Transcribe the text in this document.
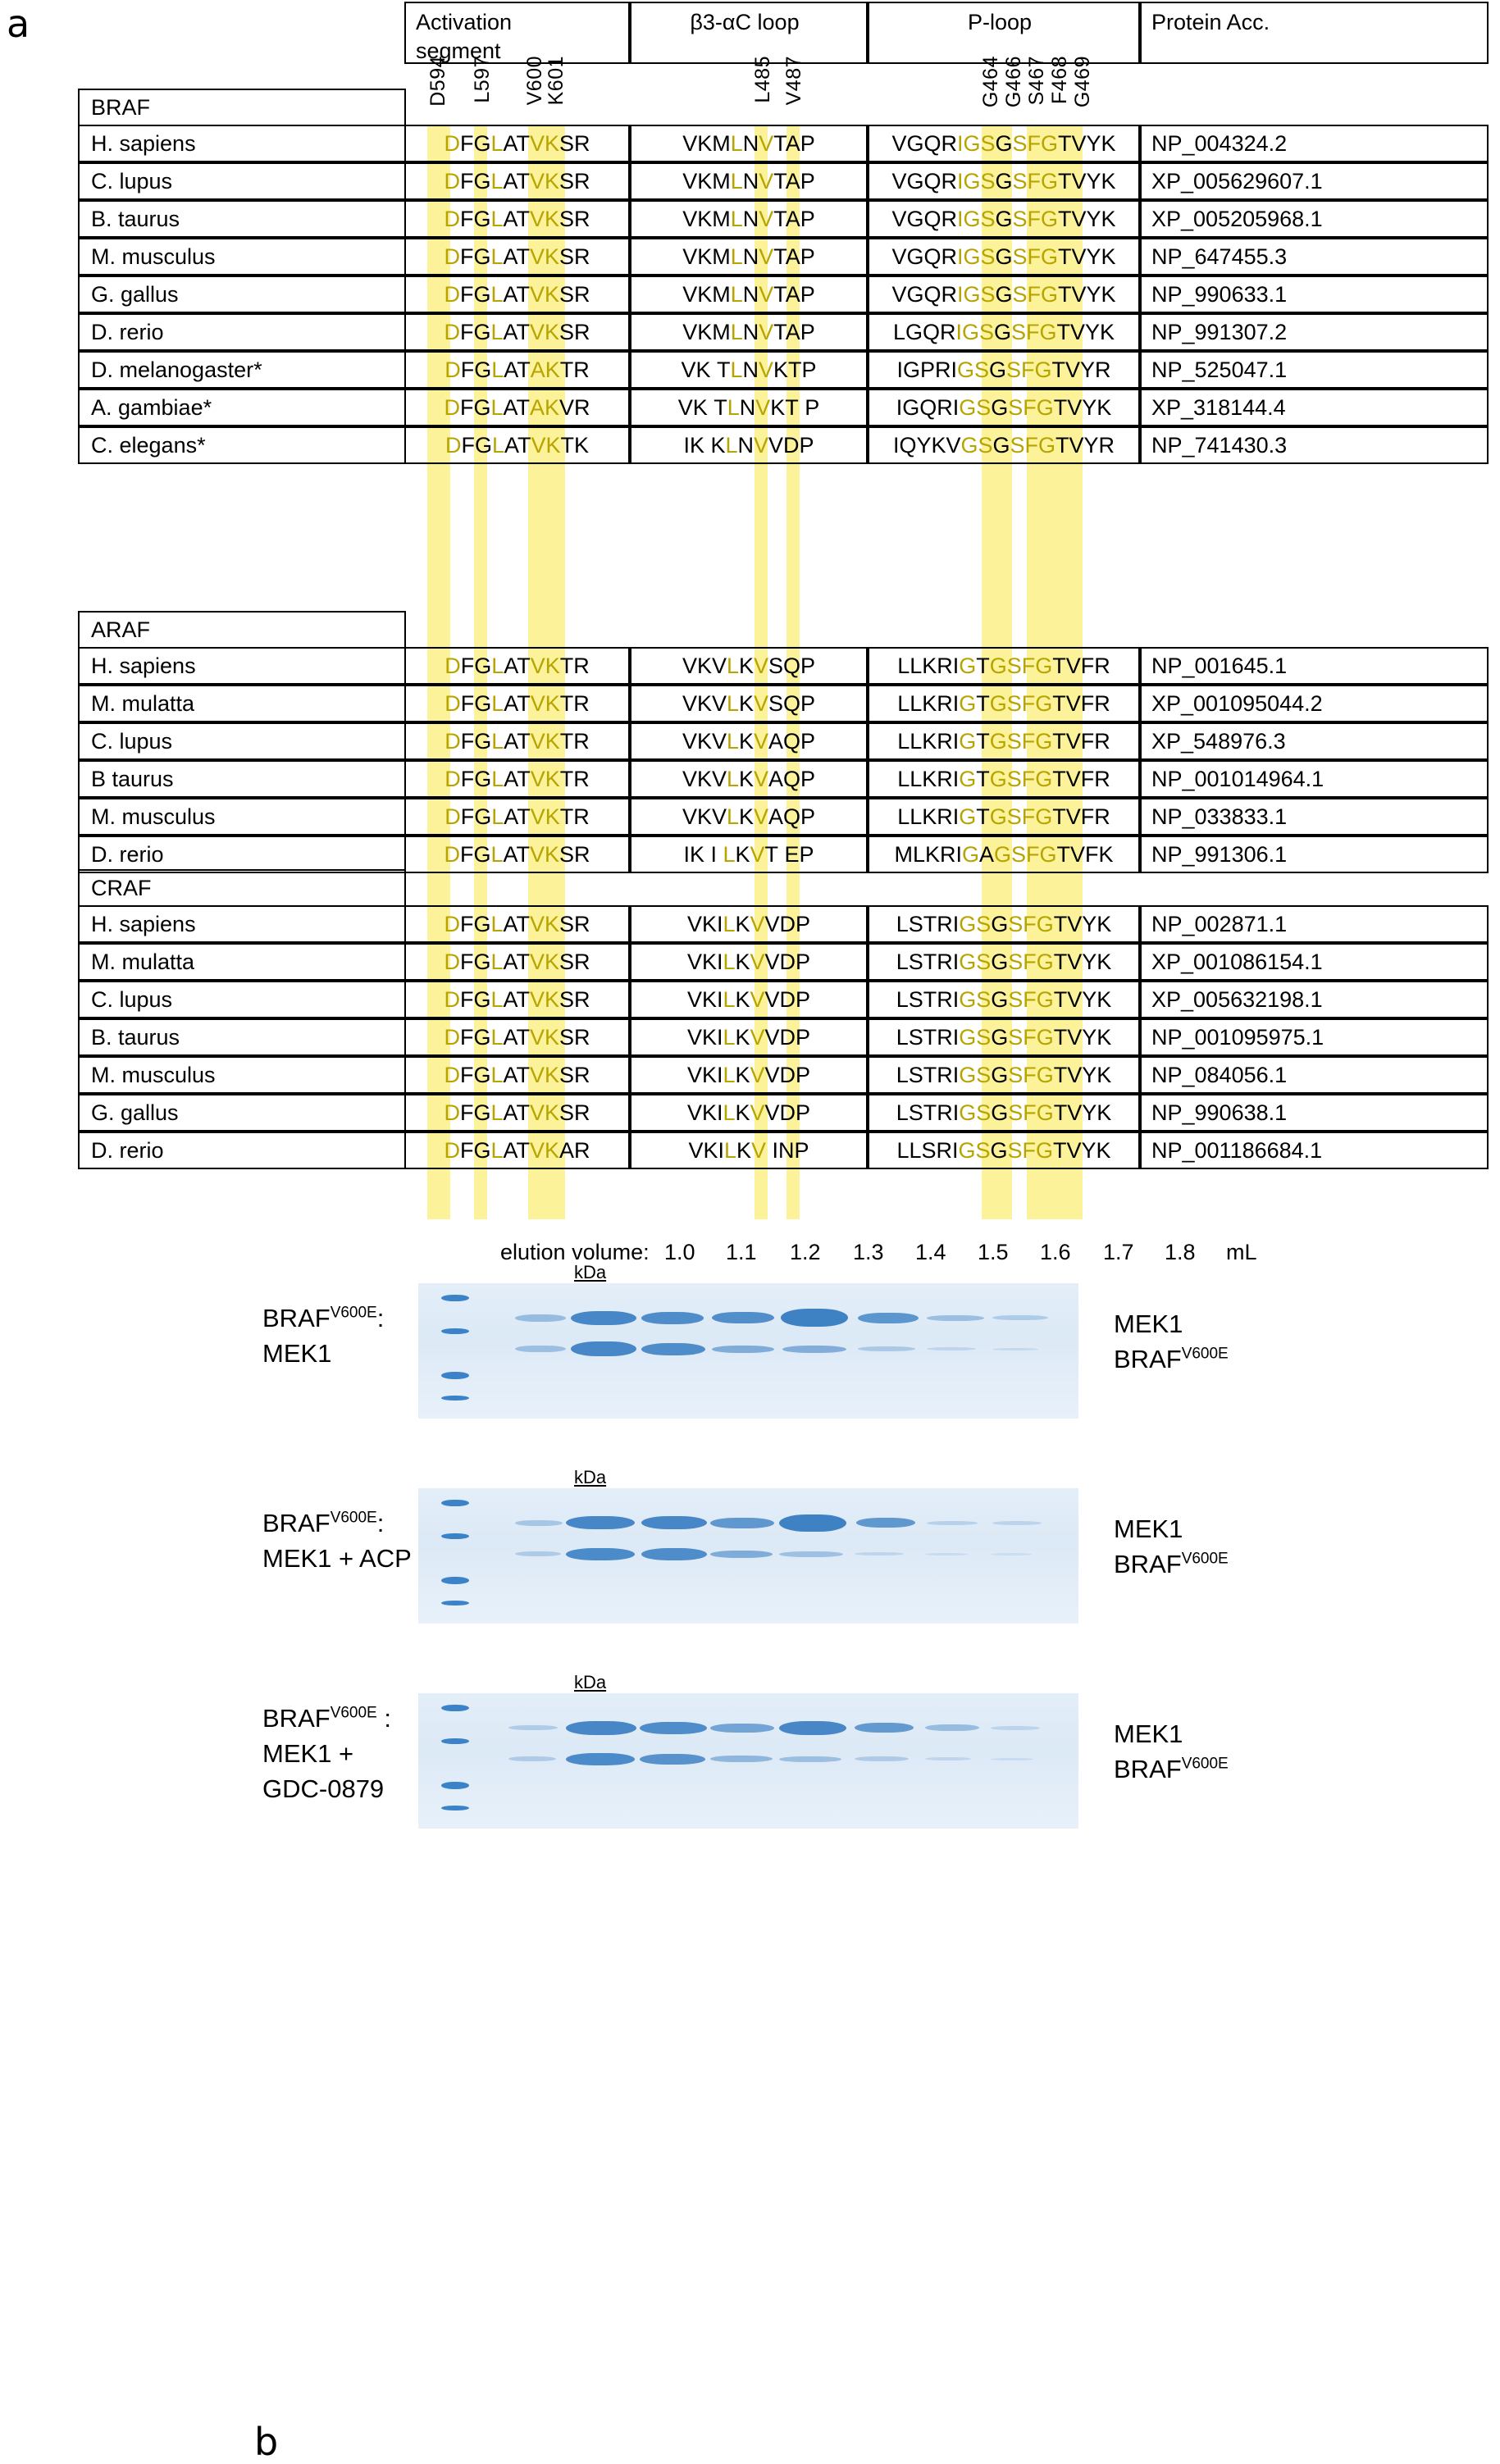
a	Activation
segment
β3-αC loop	P-loop	Protein Acc.
D594 L597 V600
K601	L485 V487	G464 G466 S467 F468 G469
BRAF
H. sapiens	D FG L AT VK SR	VKM L N V TAP	VGQR IGS G SFG TVYK	NP_004324.2
C. lupus	D FG L AT VK SR	VKM L N V TAP	VGQR IGS G SFG TVYK	XP_005629607.1
B. taurus	D FG L AT VK SR	VKM L N V TAP	VGQR IGS G SFG TVYK	XP_005205968.1
M. musculus	D FG L AT VK SR	VKM L N V TAP	VGQR IGS G SFG TVYK	NP_647455.3
G. gallus	D FG L AT VK SR	VKM L N V TAP	VGQR IGS G SFG TVYK	NP_990633.1
D. rerio	D FG L AT VK SR	VKM L N V TAP	LGQR IGS G SFG TVYK	NP_991307.2
D. melanogaster*	D FG L AT AK TR	VK T L N V KTP	IGPRI GS G SFG TVYR	NP_525047.1
A. gambiae*	D FG L AT AK VR	VK T L N V KT P	IGQRI GS G SFG TVYK	XP_318144.4
C. elegans*	D FG L AT VK TK	IK K L N V VDP	IQYKV GS G SFG TVYR	NP_741430.3
ARAF
H. sapiens	D FG L AT VK TR	VKV L K V SQP	LLKRI G T GSFG TVFR	NP_001645.1
M. mulatta	D FG L AT VK TR	VKV L K V SQP	LLKRI G T GSFG TVFR	XP_001095044.2
C. lupus	D FG L AT VK TR	VKV L K V AQP	LLKRI G T GSFG TVFR	XP_548976.3
B taurus	D FG L AT VK TR	VKV L K V AQP	LLKRI G T GSFG TVFR	NP_001014964.1
M. musculus	D FG L AT VK TR	VKV L K V AQP	LLKRI G T GSFG TVFR	NP_033833.1
D. rerio	D FG L AT VK SR	IK I L K V T EP	MLKRI G A GSFG TVFK	NP_991306.1
CRAF
H. sapiens	D FG L AT VK SR	VKI L K V VDP	LSTRI GS G SFG TVYK	NP_002871.1
M. mulatta	D FG L AT VK SR	VKI L K V VDP	LSTRI GS G SFG TVYK	XP_001086154.1
C. lupus	D FG L AT VK SR	VKI L K V VDP	LSTRI GS G SFG TVYK	XP_005632198.1
B. taurus	D FG L AT VK SR	VKI L K V VDP	LSTRI GS G SFG TVYK	NP_001095975.1
M. musculus	D FG L AT VK SR	VKI L K V VDP	LSTRI GS G SFG TVYK	NP_084056.1
G. gallus	D FG L AT VK SR	VKI L K V VDP	LSTRI GS G SFG TVYK	NP_990638.1
D. rerio	D FG L AT VK AR	VKI L K V INP	LLSRI GS G SFG TVYK	NP_001186684.1
b
elution volume: 1.0 1.1 1.2 1.3 1.4 1.5 1.6 1.7 1.8 mL
$BRAF^{V600E}$:
MEK1
kDa
MEK1
$BRAF^{V600E}$
$BRAF^{V600E}$:
MEK1 + ACP
kDa
MEK1
$BRAF^{V600E}$
$BRAF^{V600E}$ :
MEK1 +
GDC-0879
kDa
MEK1
$BRAF^{V600E}$
